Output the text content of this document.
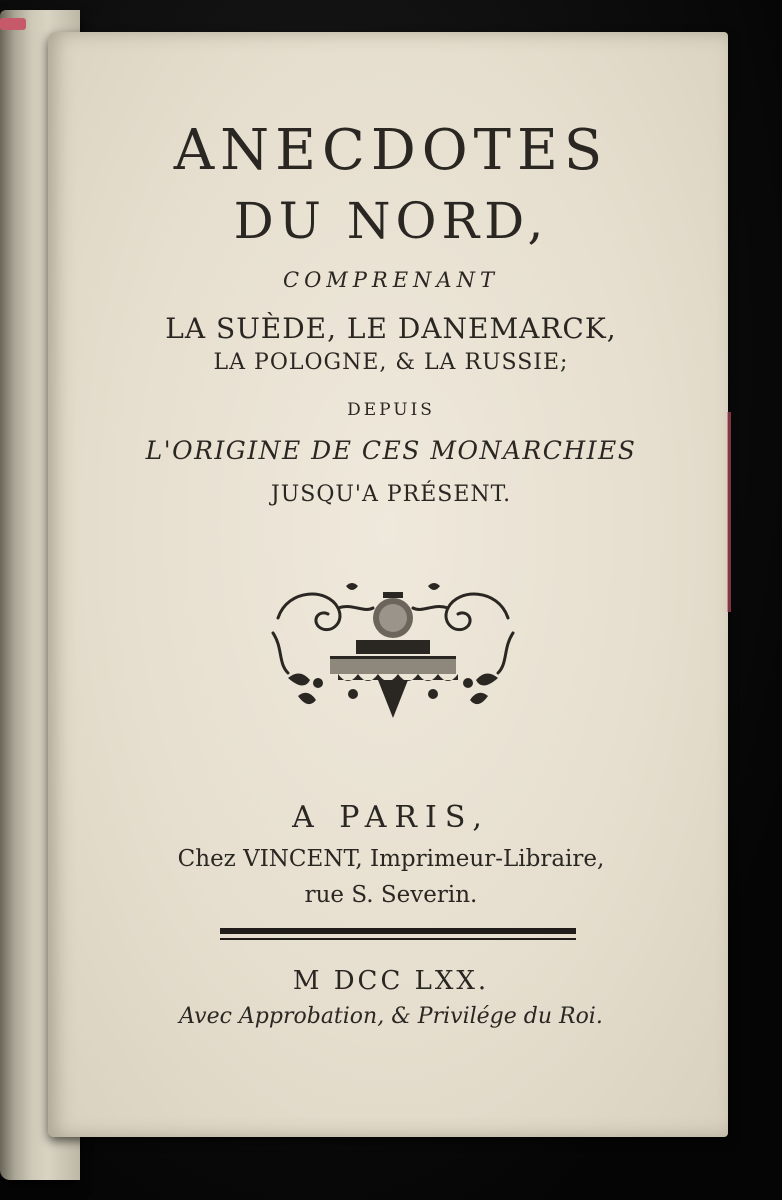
ANECDOTES
DU NORD,
COMPRENANT
LA SUÈDE, LE DANEMARCK,
LA POLOGNE, & LA RUSSIE;
DEPUIS
L'ORIGINE DE CES MONARCHIES
JUSQU'A PRÉSENT.
A PARIS,
Chez VINCENT, Imprimeur-Libraire,
rue S. Severin.
M DCC LXX.
Avec Approbation, & Privilége du Roi.
